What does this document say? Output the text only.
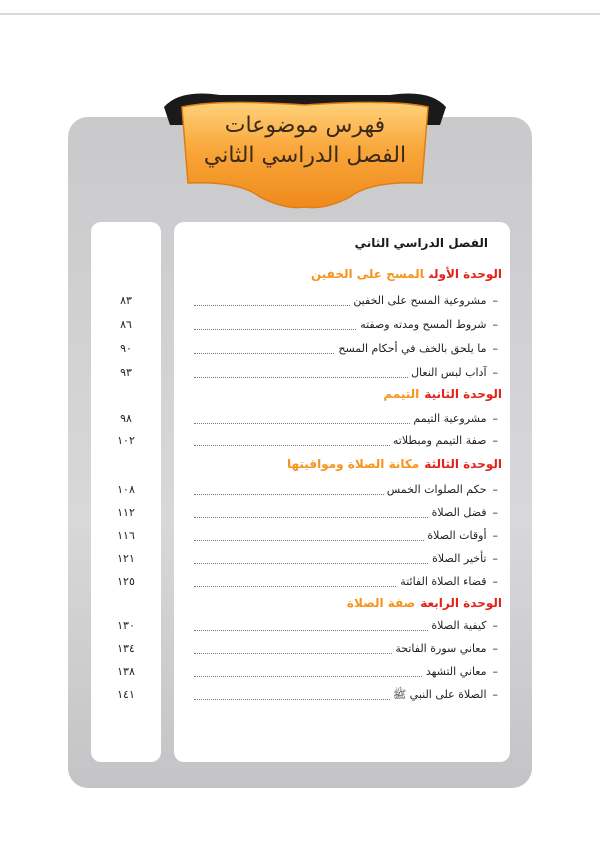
فهرس موضوعات
الفصل الدراسي الثاني
٨٣
٨٦
٩٠
٩٣
٩٨
١٠٢
١٠٨
١١٢
١١٦
١٢١
١٢٥
١٣٠
١٣٤
١٣٨
١٤١
الفصل الدراسي الثاني
الوحدة الأولىالمسح على الخفين
–مشروعية المسح على الخفين
–شروط المسح ومدته وصفته
–ما يلحق بالخف في أحكام المسح
–آداب لبس النعال
الوحدة الثانيةالتيمم
–مشروعية التيمم
–صفة التيمم ومبطلاته
الوحدة الثالثةمكانة الصلاة ومواقيتها
–حكم الصلوات الخمس
–فضل الصلاة
–أوقات الصلاة
–تأخير الصلاة
–قضاء الصلاة الفائتة
الوحدة الرابعةصفة الصلاة
–كيفية الصلاة
–معاني سورة الفاتحة
–معاني التشهد
–الصلاة على النبي ﷺ
